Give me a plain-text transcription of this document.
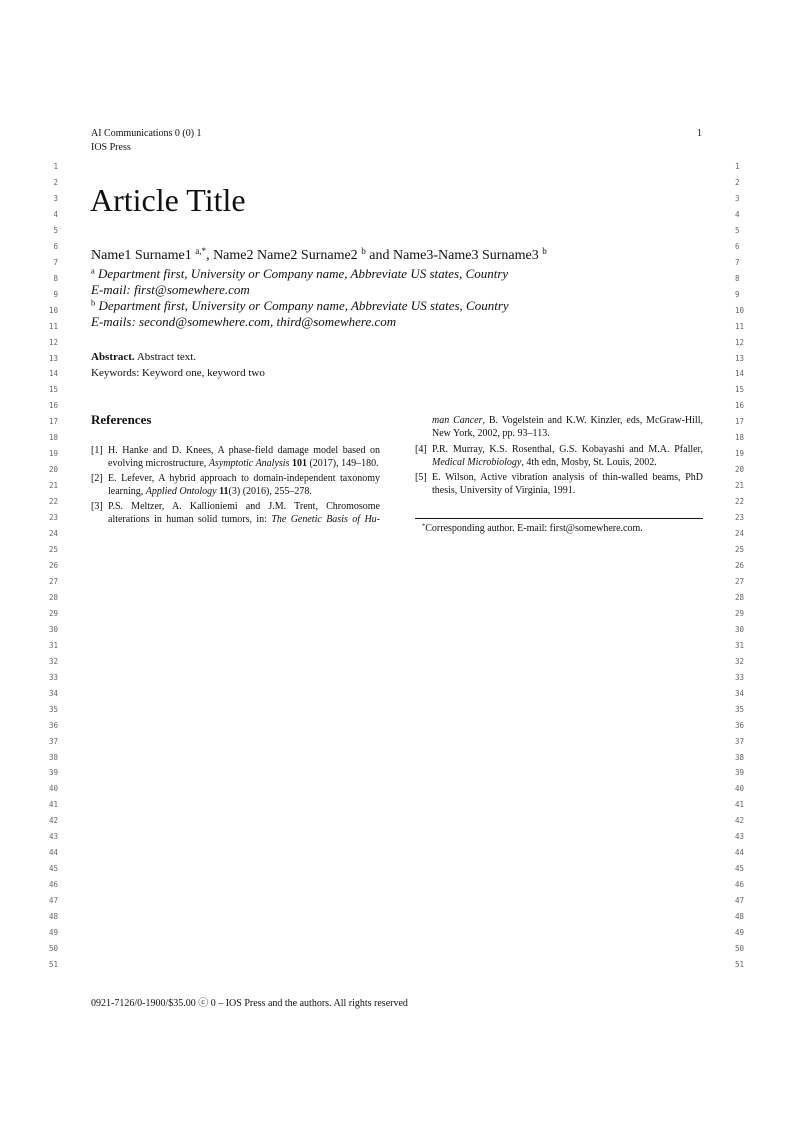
AI Communications 0 (0) 1
IOS Press
1
1	1
2	2
3	3
4	4
5	5
6	6
7	7
8	8
9	9
10	10
11	11
12	12
13	13
14	14
15	15
16	16
17	17
18	18
19	19
20	20
21	21
22	22
23	23
24	24
25	25
26	26
27	27
28	28
29	29
30	30
31	31
32	32
33	33
34	34
35	35
36	36
37	37
38	38
39	39
40	40
41	41
42	42
43	43
44	44
45	45
46	46
47	47
48	48
49	49
50	50
51	51
Article Title
Name1 Surname1 $^{a,*}$, Name2 Name2 Surname2 $^b$ and Name3-Name3 Surname3 $^b$
$^a$ Department first, University or Company name, Abbreviate US states, Country
E-mail: first@somewhere.com
$^b$ Department first, University or Company name, Abbreviate US states, Country
E-mails: second@somewhere.com, third@somewhere.com
Abstract. Abstract text.
Keywords: Keyword one, keyword two
References
[1] H. Hanke and D. Knees, A phase-field damage model based on evolving microstructure, Asymptotic Analysis 101 (2017), 149–180.
[2] E. Lefever, A hybrid approach to domain-independent taxonomy learning, Applied Ontology 11(3) (2016), 255–278.
[3] P.S. Meltzer, A. Kallioniemi and J.M. Trent, Chromosome alterations in human solid tumors, in: The Genetic Basis of Hu-
man Cancer, B. Vogelstein and K.W. Kinzler, eds, McGraw-Hill, New York, 2002, pp. 93–113.
[4] P.R. Murray, K.S. Rosenthal, G.S. Kobayashi and M.A. Pfaller, Medical Microbiology, 4th edn, Mosby, St. Louis, 2002.
[5] E. Wilson, Active vibration analysis of thin-walled beams, PhD thesis, University of Virginia, 1991.
*Corresponding author. E-mail: first@somewhere.com.
0921-7126/0-1900/$35.00 ⓒ 0 – IOS Press and the authors. All rights reserved
